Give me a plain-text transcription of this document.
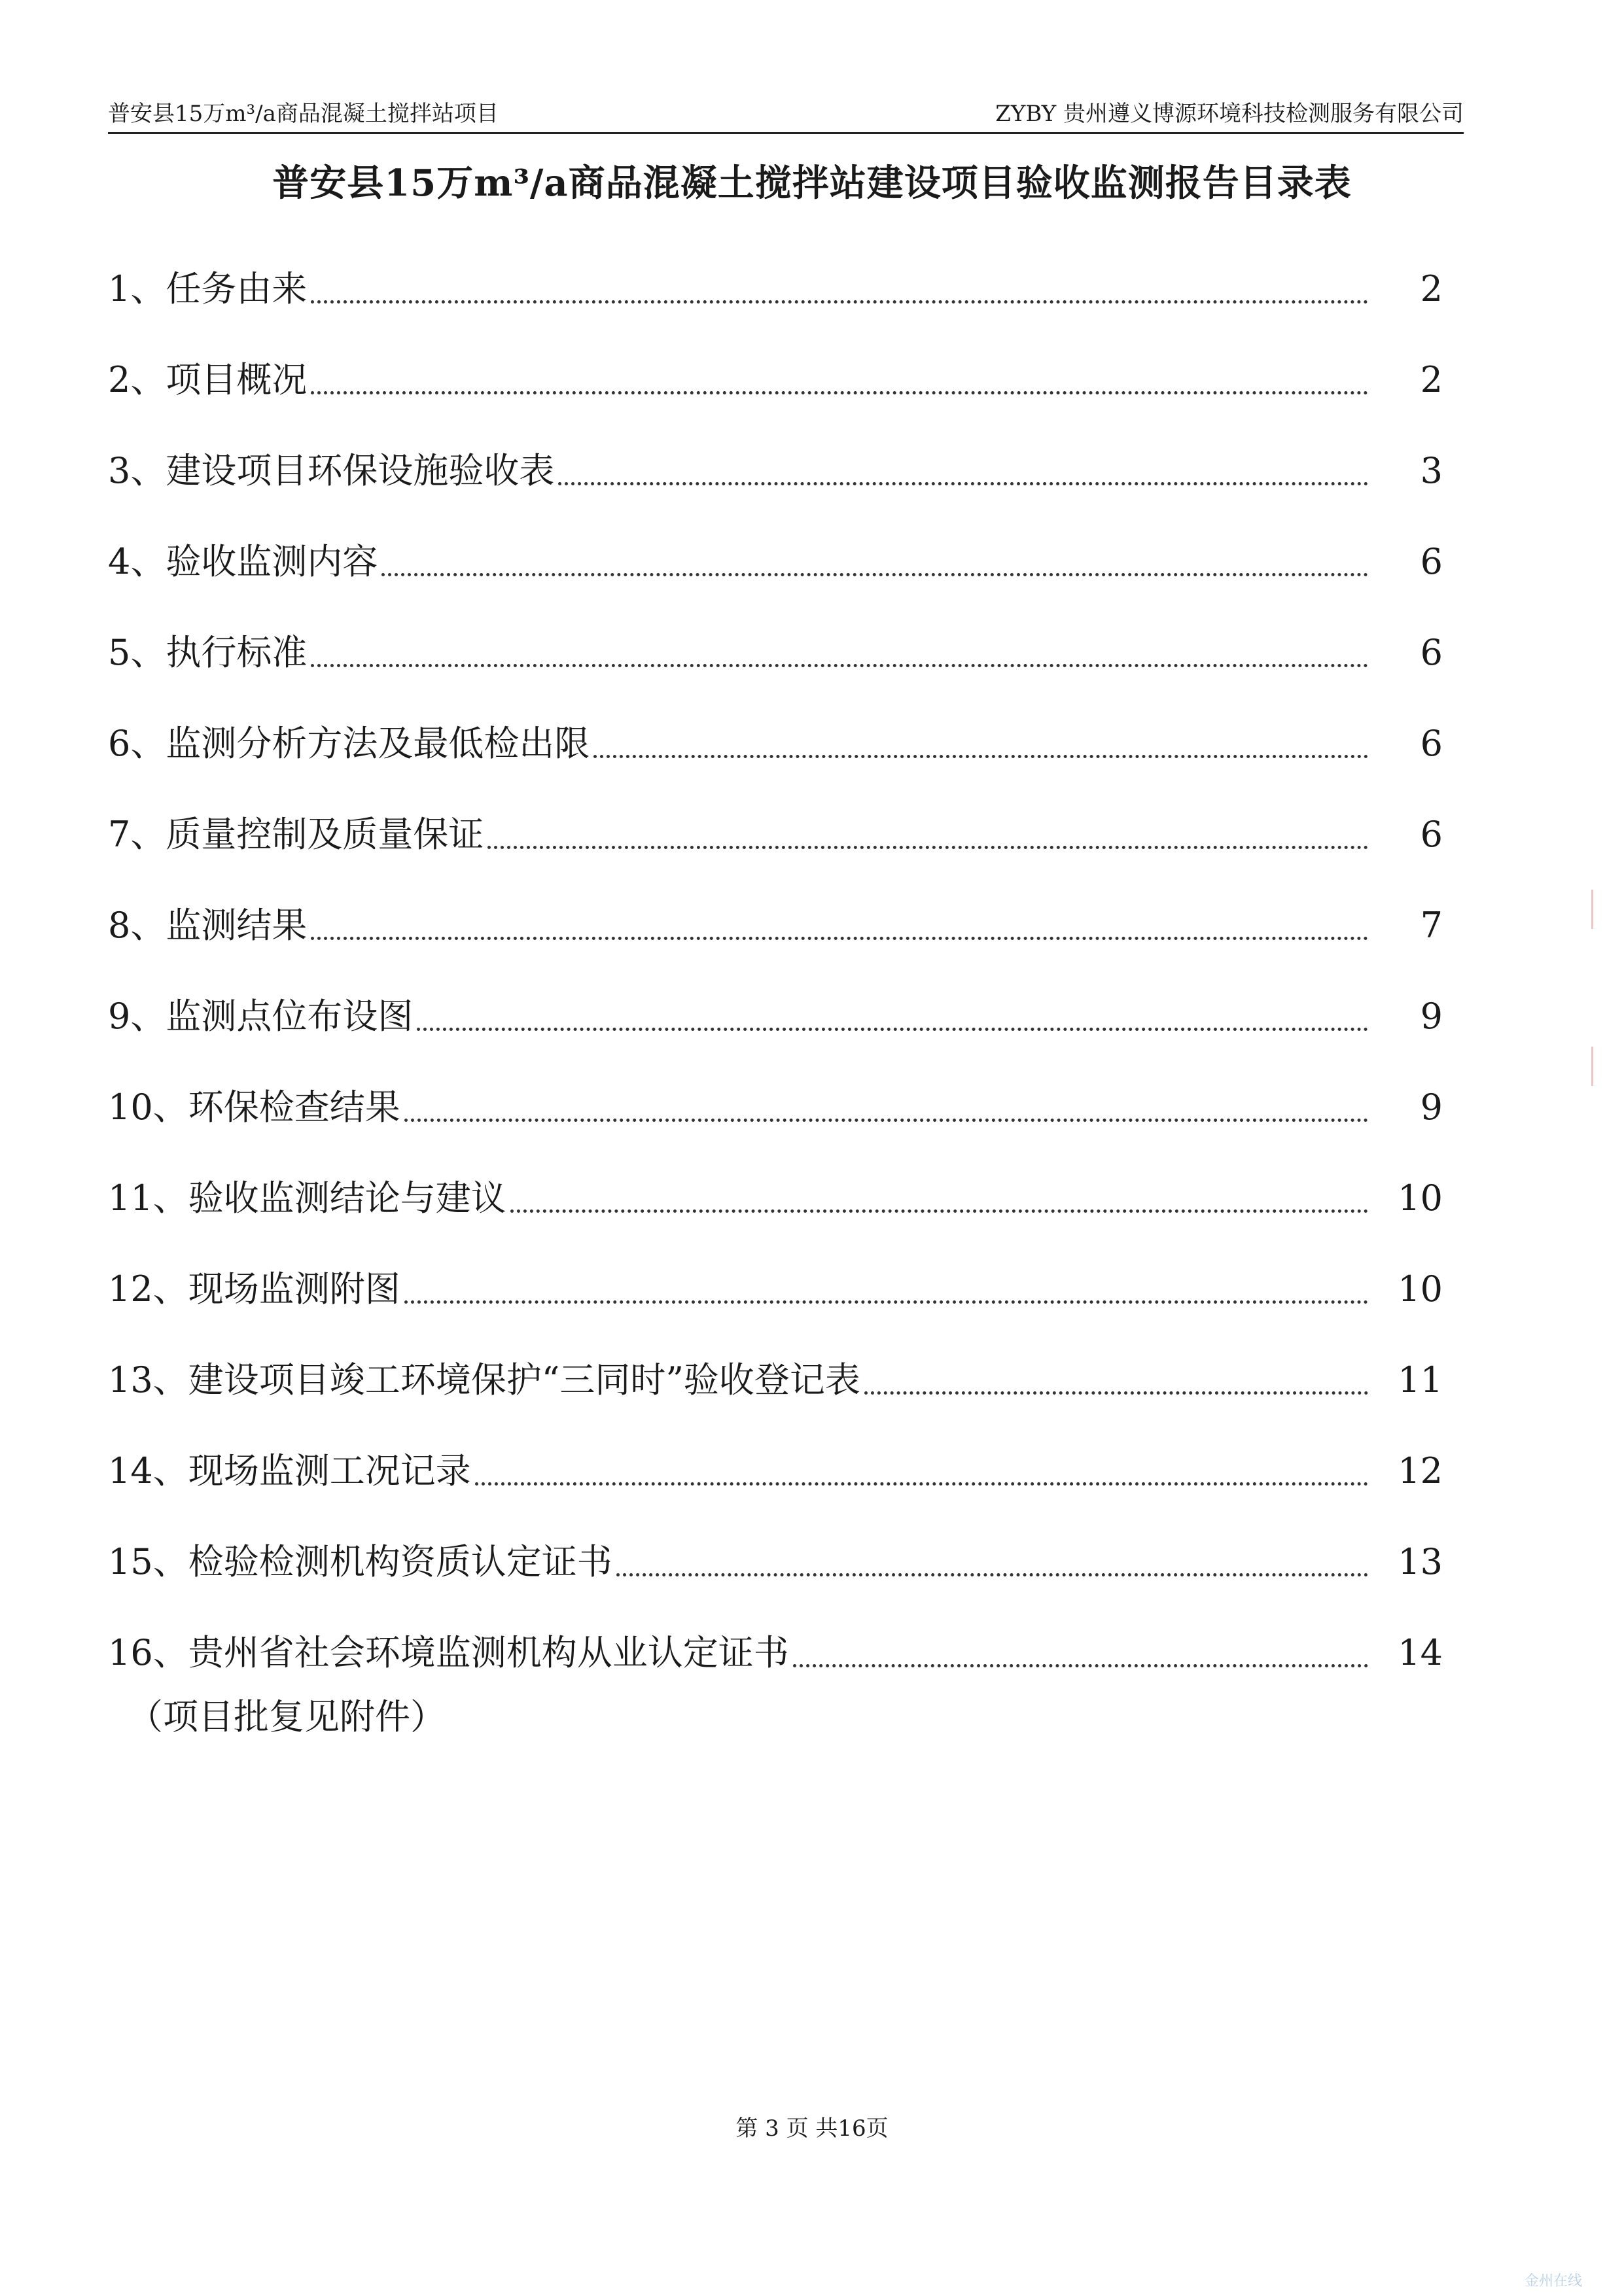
普安县15万m³/a商品混凝土搅拌站项目	ZYBY 贵州遵义博源环境科技检测服务有限公司
普安县15万m³/a商品混凝土搅拌站建设项目验收监测报告目录表
1、 任务由来	2
2、 项目概况	2
3、 建设项目环保设施验收表	3
4、 验收监测内容	6
5、 执行标准	6
6、 监测分析方法及最低检出限	6
7、 质量控制及质量保证	6
8、 监测结果	7
9、 监测点位布设图	9
10、 环保检查结果	9
11、 验收监测结论与建议	10
12、 现场监测附图	10
13、 建设项目竣工环境保护“三同时”验收登记表	11
14、 现场监测工况记录	12
15、 检验检测机构资质认定证书	13
16、 贵州省社会环境监测机构从业认定证书	14
（项目批复见附件）
第 3 页 共16页
金州在线
